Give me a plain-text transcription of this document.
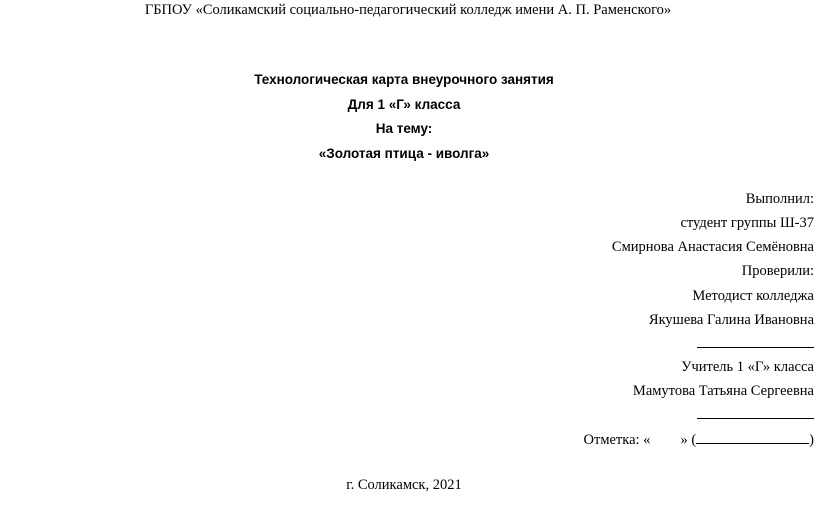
ГБПОУ «Соликамский социально-педагогический колледж имени А. П. Раменского»
Технологическая карта внеурочного занятия
Для 1 «Г» класса
На тему:
«Золотая птица - иволга»
Выполнил:
студент группы Ш-37
Смирнова Анастасия Семёновна
Проверили:
Методист колледжа
Якушева Галина Ивановна
Учитель 1 «Г» класса
Мамутова Татьяна Сергеевна
Отметка: « » (	)
г. Соликамск, 2021
